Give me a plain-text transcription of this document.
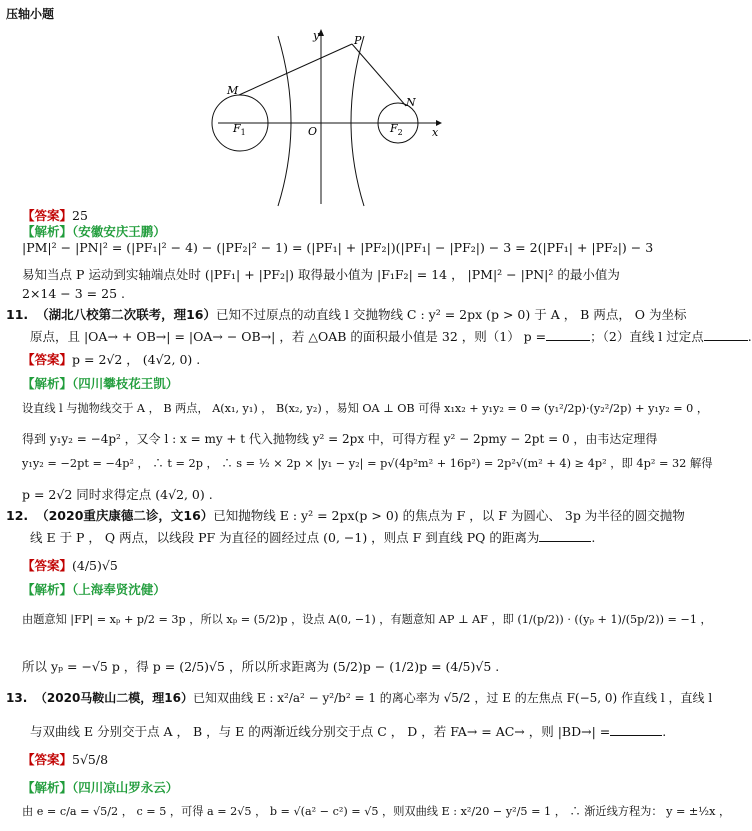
压轴小题
y
x
O
P
M
N
$F_1$	$F_2$
【答案】25
【解析】（安徽安庆王鹏）
|PM|² − |PN|² = (|PF₁|² − 4) − (|PF₂|² − 1) = (|PF₁| + |PF₂|)(|PF₁| − |PF₂|) − 3 = 2(|PF₁| + |PF₂|) − 3
易知当点 P 运动到实轴端点处时 (|PF₁| + |PF₂|) 取得最小值为 |F₁F₂| = 14 ， |PM|² − |PN|² 的最小值为
2×14 − 3 = 25 .
11. （湖北八校第二次联考，理16）已知不过原点的动直线 l 交抛物线 C : y² = 2px (p > 0) 于 A ， B 两点， O 为坐标
原点，且 |OA→ + OB→| = |OA→ − OB→| ，若 △OAB 的面积最小值是 32 ，则（1） p =	；（2）直线 l 过定点	.
【答案】p = 2√2 ， (4√2, 0) .
【解析】（四川攀枝花王凯）
设直线 l 与抛物线交于 A ， B 两点， A(x₁, y₁) ， B(x₂, y₂) ，易知 OA ⊥ OB 可得 x₁x₂ + y₁y₂ = 0 ⇒ (y₁²/2p)·(y₂²/2p) + y₁y₂ = 0 ，
得到 y₁y₂ = −4p² ，又令 l : x = my + t 代入抛物线 y² = 2px 中，可得方程 y² − 2pmy − 2pt = 0 ，由韦达定理得
y₁y₂ = −2pt = −4p² ， ∴ t = 2p ， ∴ s = ½ × 2p × |y₁ − y₂| = p√(4p²m² + 16p²) = 2p²√(m² + 4) ≥ 4p² ，即 4p² = 32 解得
p = 2√2 同时求得定点 (4√2, 0) .
12. （2020重庆康德二诊，文16）已知抛物线 E : y² = 2px(p > 0) 的焦点为 F ，以 F 为圆心、 3p 为半径的圆交抛物
线 E 于 P ， Q 两点，以线段 PF 为直径的圆经过点 (0, −1) ，则点 F 到直线 PQ 的距离为	.
【答案】(4/5)√5
【解析】（上海奉贤沈健）
由题意知 |FP| = xₚ + p/2 = 3p ，所以 xₚ = (5/2)p ，设点 A(0, −1) ，有题意知 AP ⊥ AF ，即 (1/(p/2)) · ((yₚ + 1)/(5p/2)) = −1 ，
所以 yₚ = −√5 p ，得 p = (2/5)√5 ，所以所求距离为 (5/2)p − (1/2)p = (4/5)√5 .
13. （2020马鞍山二模，理16）已知双曲线 E : x²/a² − y²/b² = 1 的离心率为 √5/2 ，过 E 的左焦点 F(−5, 0) 作直线 l ，直线 l
与双曲线 E 分别交于点 A ， B ，与 E 的两渐近线分别交于点 C ， D ，若 FA→ = AC→ ，则 |BD→| =	.
【答案】5√5/8
【解析】（四川凉山罗永云）
由 e = c/a = √5/2 ， c = 5 ，可得 a = 2√5 ， b = √(a² − c²) = √5 ，则双曲线 E : x²/20 − y²/5 = 1 ， ∴ 渐近线方程为： y = ±½x ，
